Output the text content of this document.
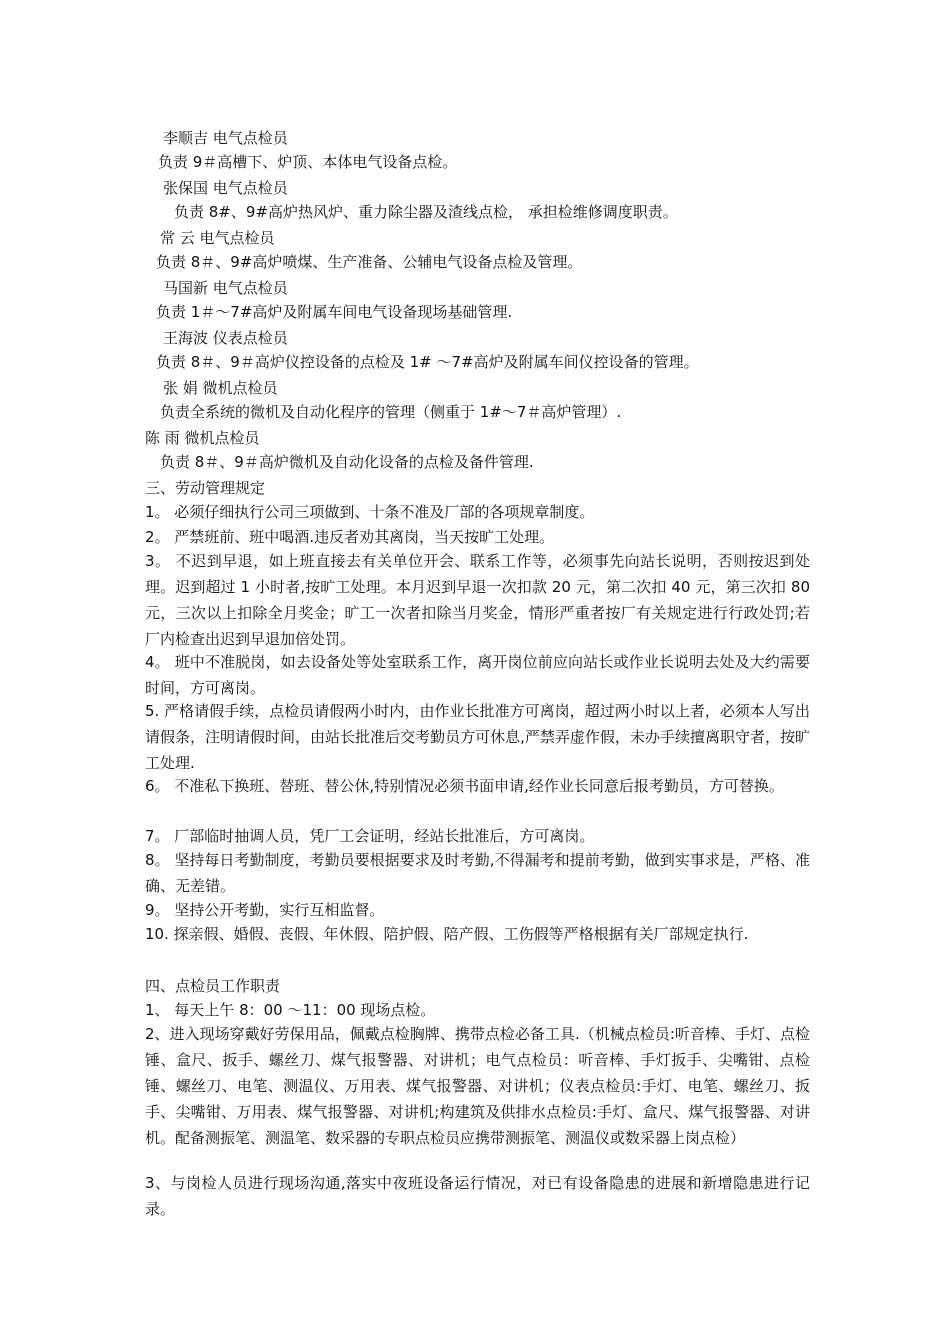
李顺吉 电气点检员
负责 9＃高槽下、炉顶、本体电气设备点检。
张保国 电气点检员
负责 8#、9#高炉热风炉、重力除尘器及渣线点检， 承担检维修调度职责。
常 云 电气点检员
负责 8＃、9#高炉喷煤、生产准备、公辅电气设备点检及管理。
马国新 电气点检员
负责 1＃～7#高炉及附属车间电气设备现场基础管理.
王海波 仪表点检员
负责 8＃、9＃高炉仪控设备的点检及 1# ～7#高炉及附属车间仪控设备的管理。
张 娟 微机点检员
负责全系统的微机及自动化程序的管理（侧重于 1#～7＃高炉管理）.
陈 雨 微机点检员
负责 8＃、9＃高炉微机及自动化设备的点检及备件管理.
三、劳动管理规定
1。 必须仔细执行公司三项做到、十条不准及厂部的各项规章制度。
2。 严禁班前、班中喝酒.违反者劝其离岗，当天按旷工处理。
3。 不迟到早退，如上班直接去有关单位开会、联系工作等，必须事先向站长说明，否则按迟到处理。迟到超过 1 小时者,按旷工处理。本月迟到早退一次扣款 20 元，第二次扣 40 元，第三次扣 80 元，三次以上扣除全月奖金；旷工一次者扣除当月奖金，情形严重者按厂有关规定进行行政处罚;若厂内检查出迟到早退加倍处罚。
4。 班中不准脱岗，如去设备处等处室联系工作，离开岗位前应向站长或作业长说明去处及大约需要时间，方可离岗。
5. 严格请假手续，点检员请假两小时内，由作业长批准方可离岗，超过两小时以上者，必须本人写出请假条，注明请假时间，由站长批准后交考勤员方可休息,严禁弄虚作假，未办手续擅离职守者，按旷工处理.
6。 不准私下换班、替班、替公休,特别情况必须书面申请,经作业长同意后报考勤员，方可替换。
7。 厂部临时抽调人员，凭厂工会证明，经站长批准后，方可离岗。
8。 坚持每日考勤制度，考勤员要根据要求及时考勤,不得漏考和提前考勤，做到实事求是，严格、准确、无差错。
9。 坚持公开考勤，实行互相监督。
10. 探亲假、婚假、丧假、年休假、陪护假、陪产假、工伤假等严格根据有关厂部规定执行.
四、点检员工作职责
1、 每天上午 8：00 ～11：00 现场点检。
2、进入现场穿戴好劳保用品，佩戴点检胸牌、携带点检必备工具.（机械点检员:听音棒、手灯、点检锤、盒尺、扳手、螺丝刀、煤气报警器、对讲机；电气点检员：听音棒、手灯扳手、尖嘴钳、点检锤、螺丝刀、电笔、测温仪、万用表、煤气报警器、对讲机；仪表点检员:手灯、电笔、螺丝刀、扳手、尖嘴钳、万用表、煤气报警器、对讲机;构建筑及供排水点检员:手灯、盒尺、煤气报警器、对讲机。配备测振笔、测温笔、数采器的专职点检员应携带测振笔、测温仪或数采器上岗点检）
3、与岗检人员进行现场沟通,落实中夜班设备运行情况，对已有设备隐患的进展和新增隐患进行记录。
